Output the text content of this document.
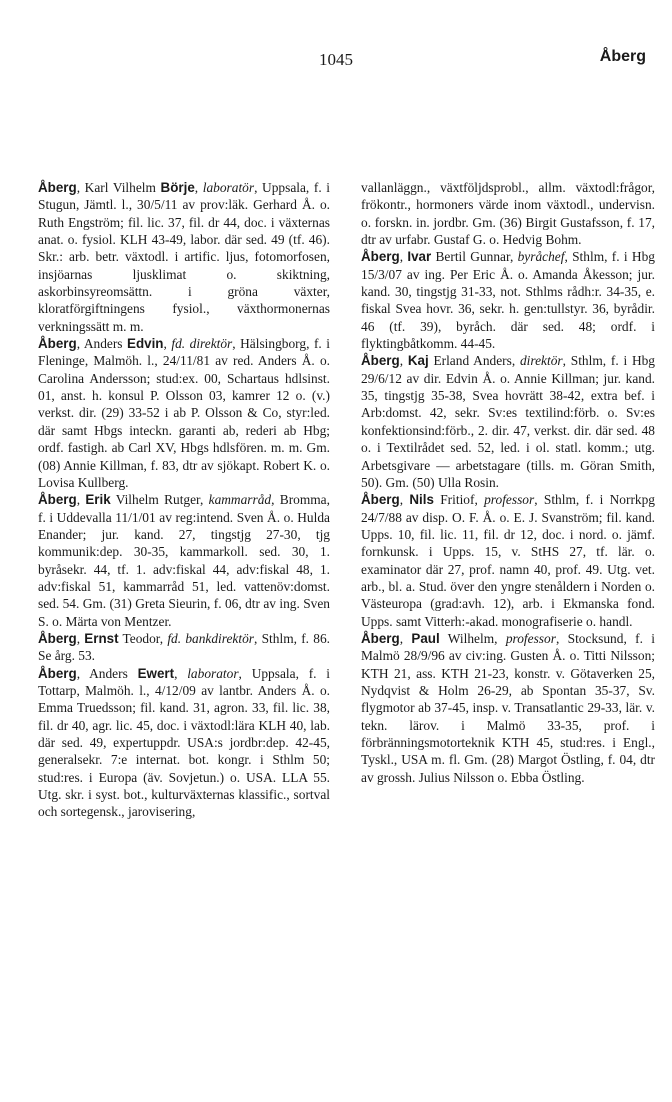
1045	Åberg

Åberg, Karl Vilhelm Börje, laboratör, Uppsala, f. i Stugun, Jämtl. l., 30/5/11 av prov:läk. Gerhard Å. o. Ruth Engström; fil. lic. 37, fil. dr 44, doc. i växternas anat. o. fysiol. KLH 43-49, labor. där sed. 49 (tf. 46). Skr.: arb. betr. växtodl. i artific. ljus, fotomorfosen, insjöarnas ljusklimat o. skiktning, askorbinsyreomsättn. i gröna växter, kloratförgiftningens fysiol., växthormonernas verkningssätt m. m.

Åberg, Anders Edvin, fd. direktör, Hälsingborg, f. i Fleninge, Malmöh. l., 24/11/81 av red. Anders Å. o. Carolina Andersson; stud:ex. 00, Schartaus hdlsinst. 01, anst. h. konsul P. Olsson 03, kamrer 12 o. (v.) verkst. dir. (29) 33-52 i ab P. Olsson & Co, styr:led. där samt Hbgs inteckn. garanti ab, rederi ab Hbg; ordf. fastigh. ab Carl XV, Hbgs hdlsfören. m. m. Gm. (08) Annie Killman, f. 83, dtr av sjökapt. Robert K. o. Lovisa Kullberg.

Åberg, Erik Vilhelm Rutger, kammarråd, Bromma, f. i Uddevalla 11/1/01 av reg:intend. Sven Å. o. Hulda Enander; jur. kand. 27, tingstjg 27-30, tjg kommunik:dep. 30-35, kammarkoll. sed. 30, 1. byråsekr. 44, tf. 1. adv:fiskal 44, adv:fiskal 48, 1. adv:fiskal 51, kammarråd 51, led. vattenöv:domst. sed. 54. Gm. (31) Greta Sieurin, f. 06, dtr av ing. Sven S. o. Märta von Mentzer.

Åberg, Ernst Teodor, fd. bankdirektör, Sthlm, f. 86. Se årg. 53.

Åberg, Anders Ewert, laborator, Uppsala, f. i Tottarp, Malmöh. l., 4/12/09 av lantbr. Anders Å. o. Emma Truedsson; fil. kand. 31, agron. 33, fil. lic. 38, fil. dr 40, agr. lic. 45, doc. i växtodl:lära KLH 40, lab. där sed. 49, expertuppdr. USA:s jordbr:dep. 42-45, generalsekr. 7:e internat. bot. kongr. i Sthlm 50; stud:res. i Europa (äv. Sovjetun.) o. USA. LLA 55. Utg. skr. i syst. bot., kulturväxternas klassific., sortval och sortegensk., jarovisering,

vallanläggn., växtföljdsprobl., allm. växtodl:frågor, frökontr., hormoners värde inom växtodl., undervisn. o. forskn. in. jordbr. Gm. (36) Birgit Gustafsson, f. 17, dtr av urfabr. Gustaf G. o. Hedvig Bohm.

Åberg, Ivar Bertil Gunnar, byråchef, Sthlm, f. i Hbg 15/3/07 av ing. Per Eric Å. o. Amanda Åkesson; jur. kand. 30, tingstjg 31-33, not. Sthlms rådh:r. 34-35, e. fiskal Svea hovr. 36, sekr. h. gen:tullstyr. 36, byrådir. 46 (tf. 39), byråch. där sed. 48; ordf. i flyktingbåtkomm. 44-45.

Åberg, Kaj Erland Anders, direktör, Sthlm, f. i Hbg 29/6/12 av dir. Edvin Å. o. Annie Killman; jur. kand. 35, tingstjg 35-38, Svea hovrätt 38-42, extra bef. i Arb:domst. 42, sekr. Sv:es textilind:förb. o. Sv:es konfektionsind:förb., 2. dir. 47, verkst. dir. där sed. 48 o. i Textilrådet sed. 52, led. i ol. statl. komm.; utg. Arbetsgivare — arbetstagare (tills. m. Göran Smith, 50). Gm. (50) Ulla Rosin.

Åberg, Nils Fritiof, professor, Sthlm, f. i Norrkpg 24/7/88 av disp. O. F. Å. o. E. J. Svanström; fil. kand. Upps. 10, fil. lic. 11, fil. dr 12, doc. i nord. o. jämf. fornkunsk. i Upps. 15, v. StHS 27, tf. lär. o. examinator där 27, prof. namn 40, prof. 49. Utg. vet. arb., bl. a. Stud. över den yngre stenåldern i Norden o. Västeuropa (grad:avh. 12), arb. i Ekmanska fond. Upps. samt Vitterh:-akad. monografiserie o. handl.

Åberg, Paul Wilhelm, professor, Stocksund, f. i Malmö 28/9/96 av civ:ing. Gusten Å. o. Titti Nilsson; KTH 21, ass. KTH 21-23, konstr. v. Götaverken 25, Nydqvist & Holm 26-29, ab Spontan 35-37, Sv. flygmotor ab 37-45, insp. v. Transatlantic 29-33, lär. v. tekn. lärov. i Malmö 33-35, prof. i förbränningsmotorteknik KTH 45, stud:res. i Engl., Tyskl., USA m. fl. Gm. (28) Margot Östling, f. 04, dtr av grossh. Julius Nilsson o. Ebba Östling.
